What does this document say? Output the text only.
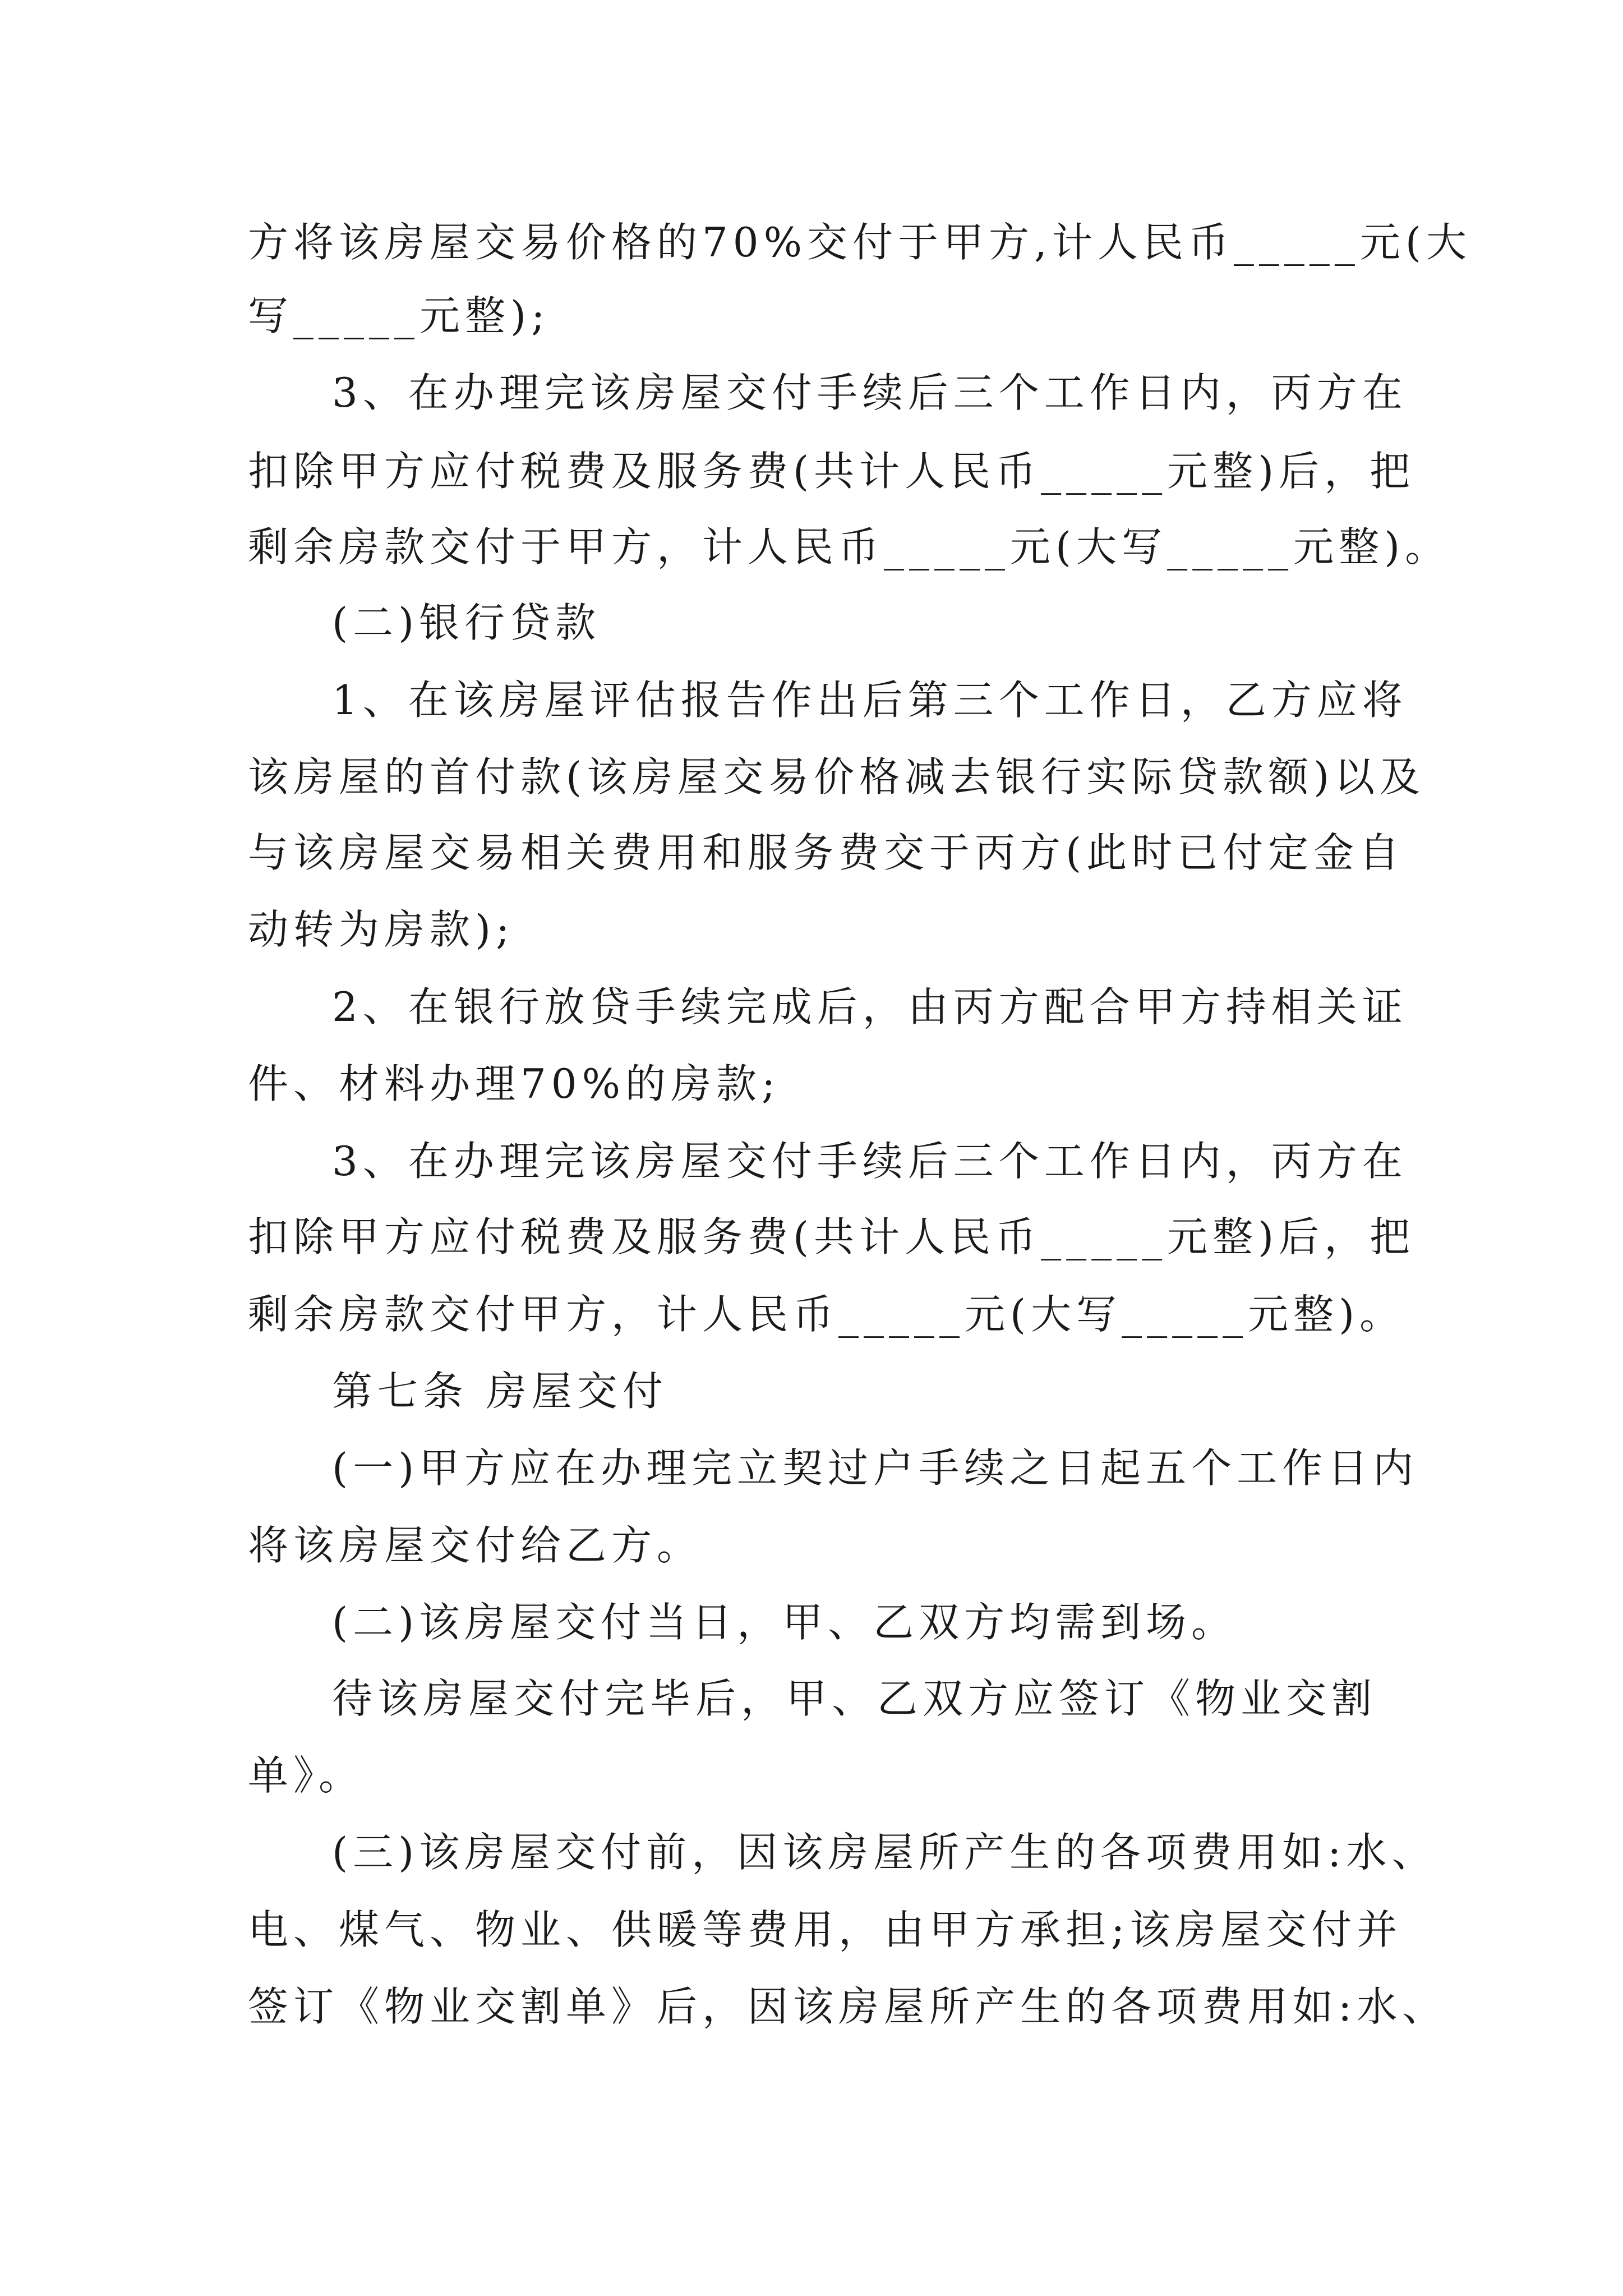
方将该房屋交易价格的70%交付于甲方,计人民币_____元(大
写_____元整);
3、在办理完该房屋交付手续后三个工作日内，丙方在
扣除甲方应付税费及服务费(共计人民币_____元整)后，把
剩余房款交付于甲方，计人民币_____元(大写_____元整)。
(二)银行贷款
1、在该房屋评估报告作出后第三个工作日，乙方应将
该房屋的首付款(该房屋交易价格减去银行实际贷款额)以及
与该房屋交易相关费用和服务费交于丙方(此时已付定金自
动转为房款);
2、在银行放贷手续完成后，由丙方配合甲方持相关证
件、材料办理70%的房款;
3、在办理完该房屋交付手续后三个工作日内，丙方在
扣除甲方应付税费及服务费(共计人民币_____元整)后，把
剩余房款交付甲方，计人民币_____元(大写_____元整)。
第七条 房屋交付
(一)甲方应在办理完立契过户手续之日起五个工作日内
将该房屋交付给乙方。
(二)该房屋交付当日，甲、乙双方均需到场。
待该房屋交付完毕后，甲、乙双方应签订《物业交割
单》。
(三)该房屋交付前，因该房屋所产生的各项费用如:水、
电、煤气、物业、供暖等费用，由甲方承担;该房屋交付并
签订《物业交割单》后，因该房屋所产生的各项费用如:水、
